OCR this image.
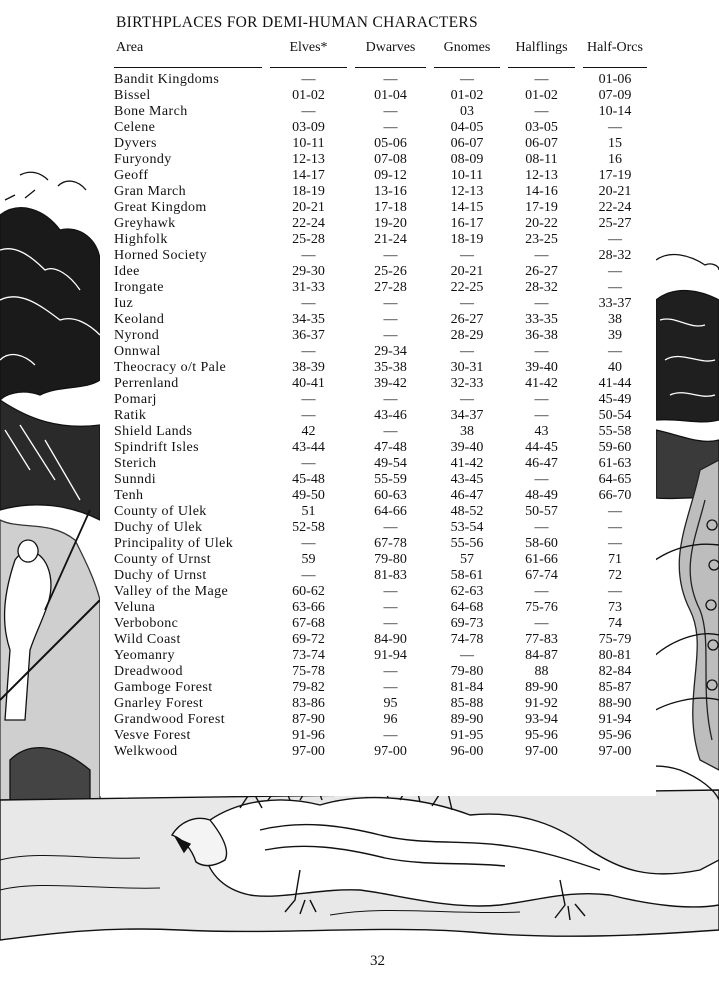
BIRTHPLACES FOR DEMI-HUMAN CHARACTERS
Area	Elves*	Dwarves	Gnomes	Halflings	Half-Orcs

Bandit Kingdoms	—	—	—	—	01-06
Bissel	01-02	01-04	01-02	01-02	07-09
Bone March	—	—	03	—	10-14
Celene	03-09	—	04-05	03-05	—
Dyvers	10-11	05-06	06-07	06-07	15
Furyondy	12-13	07-08	08-09	08-11	16
Geoff	14-17	09-12	10-11	12-13	17-19
Gran March	18-19	13-16	12-13	14-16	20-21
Great Kingdom	20-21	17-18	14-15	17-19	22-24
Greyhawk	22-24	19-20	16-17	20-22	25-27
Highfolk	25-28	21-24	18-19	23-25	—
Horned Society	—	—	—	—	28-32
Idee	29-30	25-26	20-21	26-27	—
Irongate	31-33	27-28	22-25	28-32	—
Iuz	—	—	—	—	33-37
Keoland	34-35	—	26-27	33-35	38
Nyrond	36-37	—	28-29	36-38	39
Onnwal	—	29-34	—	—	—
Theocracy o/t Pale	38-39	35-38	30-31	39-40	40
Perrenland	40-41	39-42	32-33	41-42	41-44
Pomarj	—	—	—	—	45-49
Ratik	—	43-46	34-37	—	50-54
Shield Lands	42	—	38	43	55-58
Spindrift Isles	43-44	47-48	39-40	44-45	59-60
Sterich	—	49-54	41-42	46-47	61-63
Sunndi	45-48	55-59	43-45	—	64-65
Tenh	49-50	60-63	46-47	48-49	66-70
County of Ulek	51	64-66	48-52	50-57	—
Duchy of Ulek	52-58	—	53-54	—	—
Principality of Ulek	—	67-78	55-56	58-60	—
County of Urnst	59	79-80	57	61-66	71
Duchy of Urnst	—	81-83	58-61	67-74	72
Valley of the Mage	60-62	—	62-63	—	—
Veluna	63-66	—	64-68	75-76	73
Verbobonc	67-68	—	69-73	—	74
Wild Coast	69-72	84-90	74-78	77-83	75-79
Yeomanry	73-74	91-94	—	84-87	80-81
Dreadwood	75-78	—	79-80	88	82-84
Gamboge Forest	79-82	—	81-84	89-90	85-87
Gnarley Forest	83-86	95	85-88	91-92	88-90
Grandwood Forest	87-90	96	89-90	93-94	91-94
Vesve Forest	91-96	—	91-95	95-96	95-96
Welkwood	97-00	97-00	96-00	97-00	97-00
32
